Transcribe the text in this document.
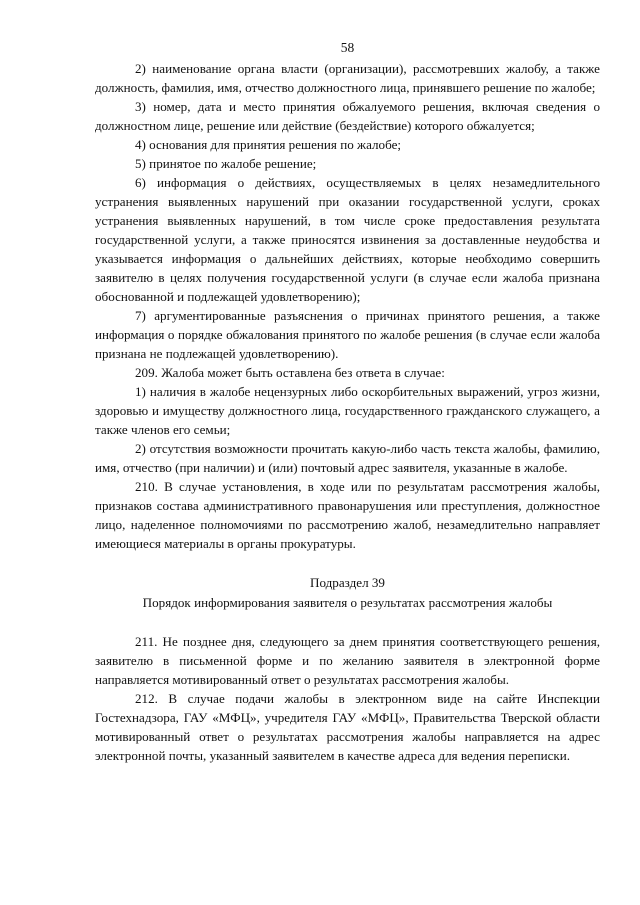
58

2) наименование органа власти (организации), рассмотревших жалобу, а также должность, фамилия, имя, отчество должностного лица, принявшего решение по жалобе;

3) номер, дата и место принятия обжалуемого решения, включая сведения о должностном лице, решение или действие (бездействие) которого обжалуется;

4) основания для принятия решения по жалобе;

5) принятое по жалобе решение;

6) информация о действиях, осуществляемых в целях незамедлительного устранения выявленных нарушений при оказании государственной услуги, сроках устранения выявленных нарушений, в том числе сроке предоставления результата государственной услуги, а также приносятся извинения за доставленные неудобства и указывается информация о дальнейших действиях, которые необходимо совершить заявителю в целях получения государственной услуги (в случае если жалоба признана обоснованной и подлежащей удовлетворению);

7) аргументированные разъяснения о причинах принятого решения, а также информация о порядке обжалования принятого по жалобе решения (в случае если жалоба признана не подлежащей удовлетворению).

209. Жалоба может быть оставлена без ответа в случае:

1) наличия в жалобе нецензурных либо оскорбительных выражений, угроз жизни, здоровью и имуществу должностного лица, государственного гражданского служащего, а также членов его семьи;

2) отсутствия возможности прочитать какую-либо часть текста жалобы, фамилию, имя, отчество (при наличии) и (или) почтовый адрес заявителя, указанные в жалобе.

210. В случае установления, в ходе или по результатам рассмотрения жалобы, признаков состава административного правонарушения или преступления, должностное лицо, наделенное полномочиями по рассмотрению жалоб, незамедлительно направляет имеющиеся материалы в органы прокуратуры.

Подраздел 39
Порядок информирования заявителя о результатах рассмотрения жалобы

211. Не позднее дня, следующего за днем принятия соответствующего решения, заявителю в письменной форме и по желанию заявителя в электронной форме направляется мотивированный ответ о результатах рассмотрения жалобы.

212. В случае подачи жалобы в электронном виде на сайте Инспекции Гостехнадзора, ГАУ «МФЦ», учредителя ГАУ «МФЦ», Правительства Тверской области мотивированный ответ о результатах рассмотрения жалобы направляется на адрес электронной почты, указанный заявителем в качестве адреса для ведения переписки.
